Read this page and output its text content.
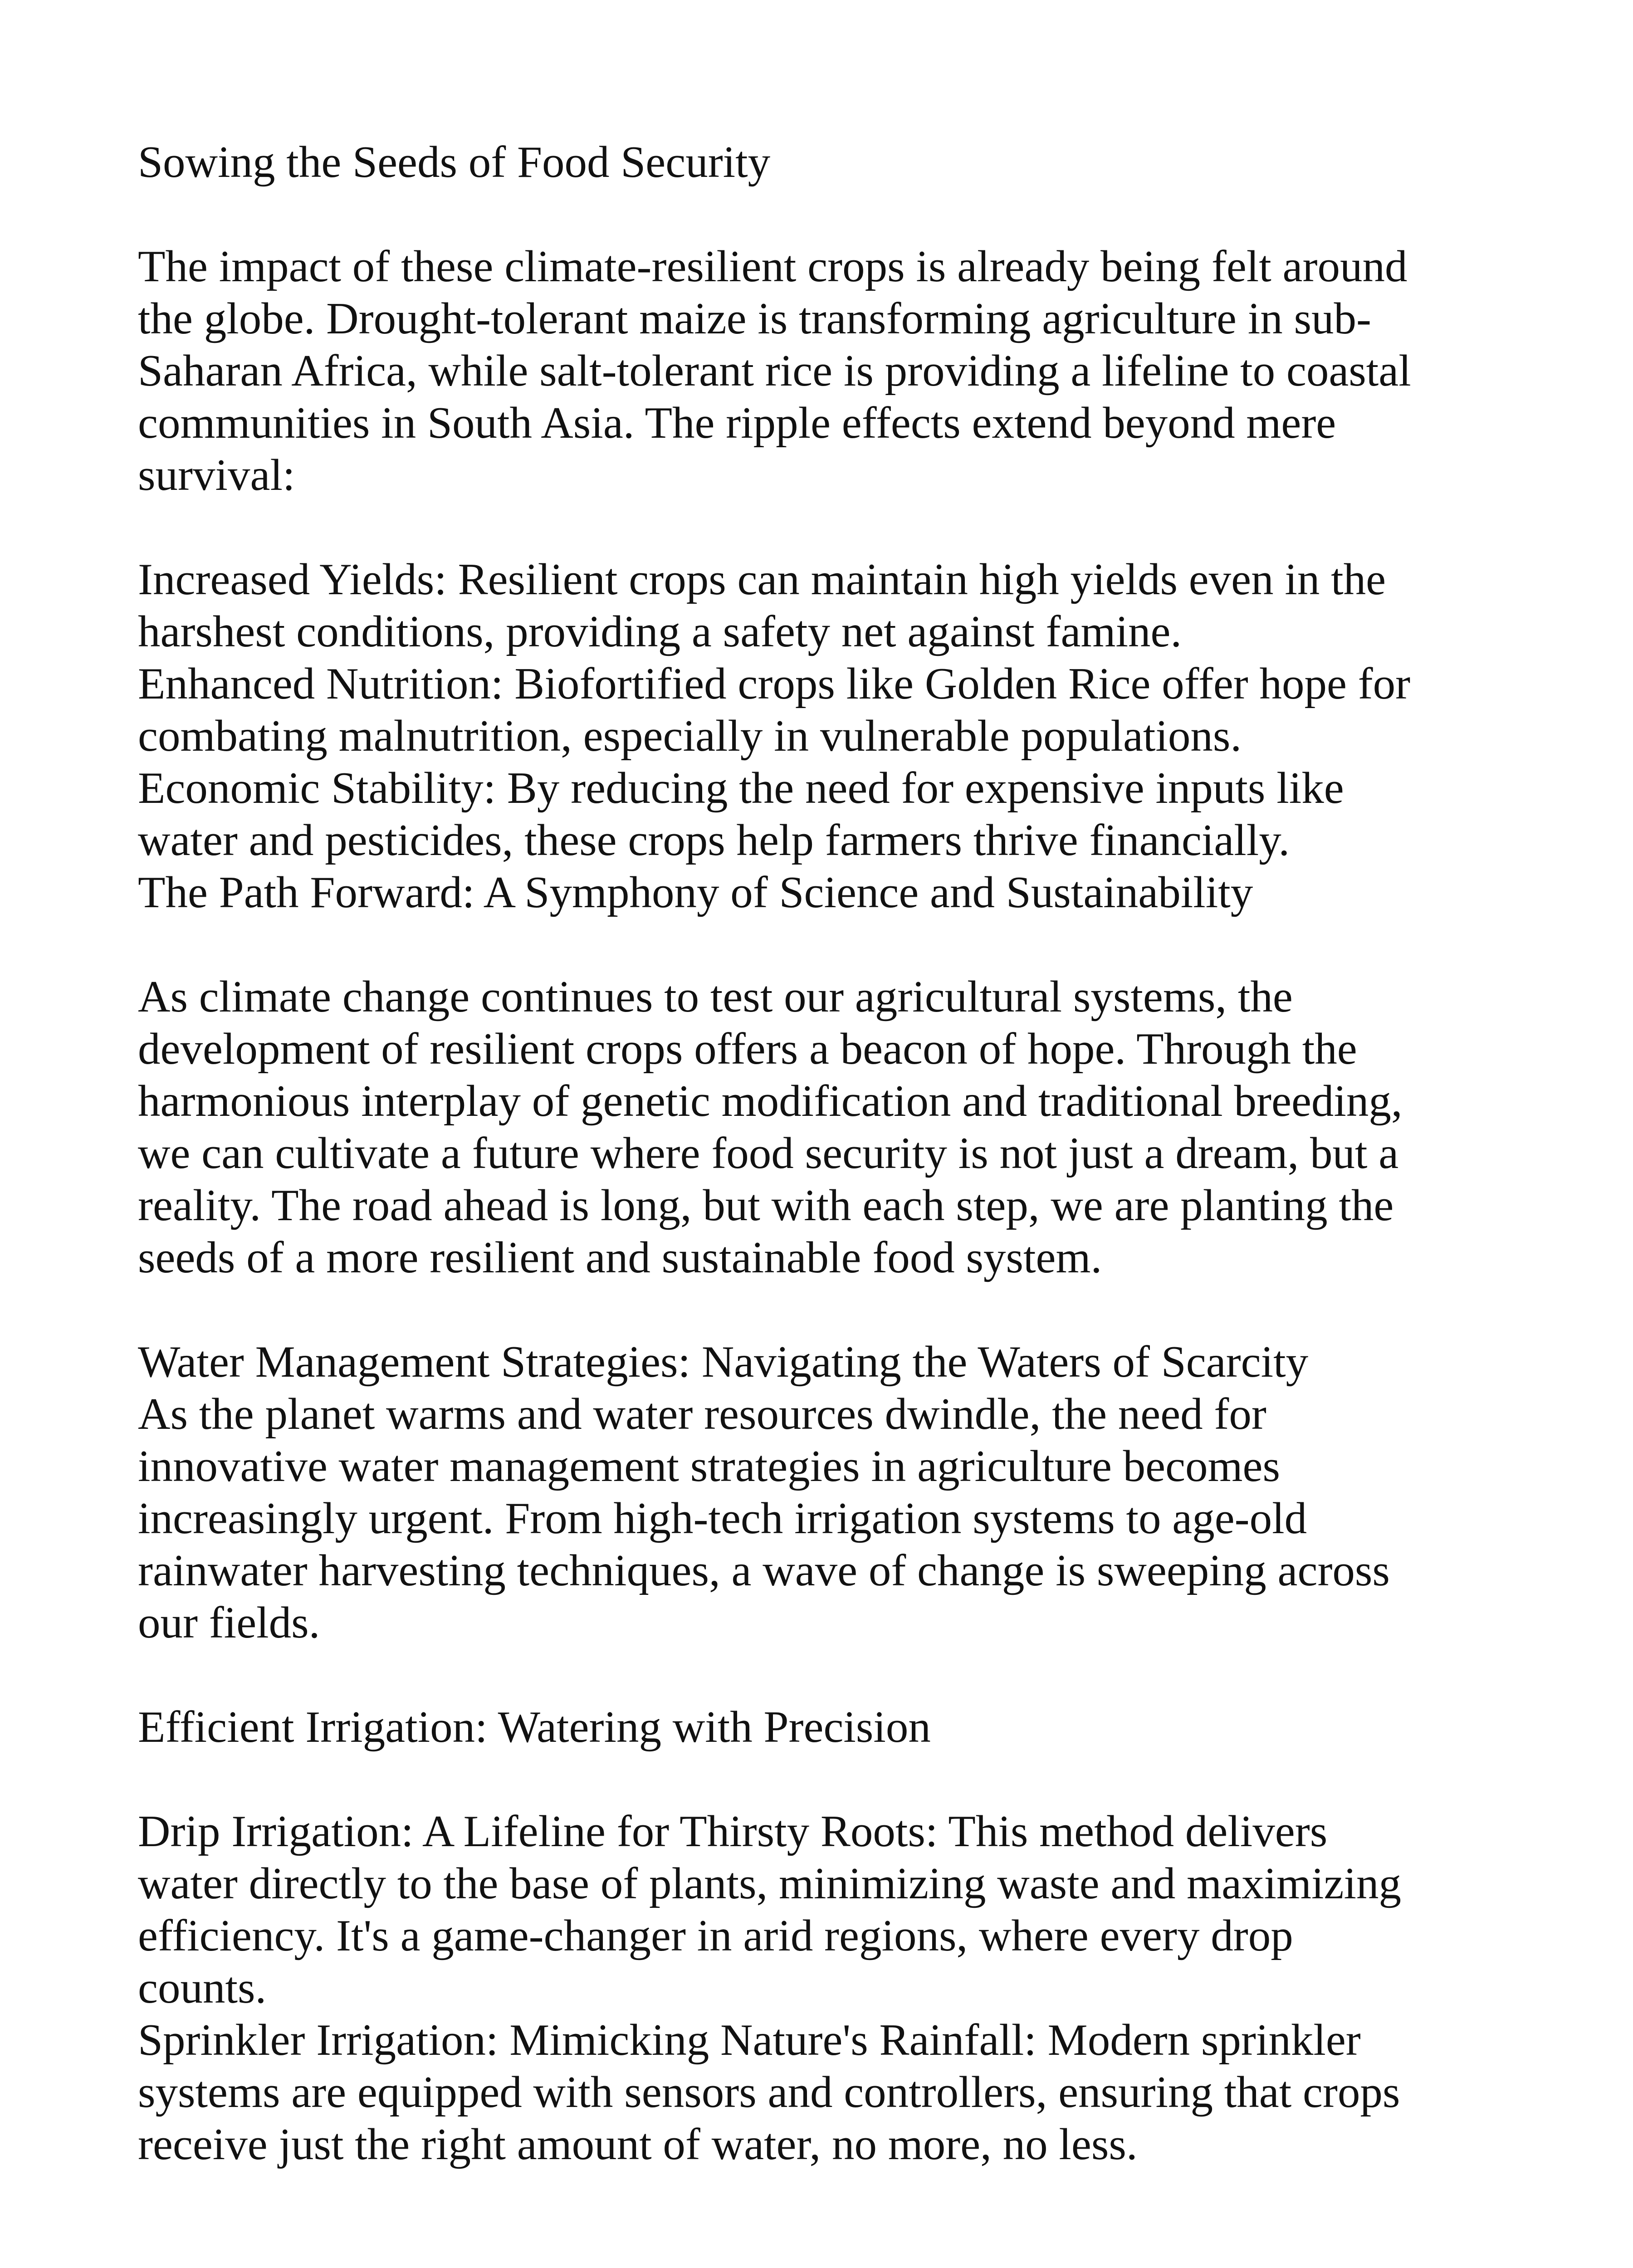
Sowing the Seeds of Food Security

The impact of these climate-resilient crops is already being felt around
the globe. Drought-tolerant maize is transforming agriculture in sub-
Saharan Africa, while salt-tolerant rice is providing a lifeline to coastal
communities in South Asia. The ripple effects extend beyond mere
survival:

Increased Yields: Resilient crops can maintain high yields even in the
harshest conditions, providing a safety net against famine.

Enhanced Nutrition: Biofortified crops like Golden Rice offer hope for
combating malnutrition, especially in vulnerable populations.

Economic Stability: By reducing the need for expensive inputs like
water and pesticides, these crops help farmers thrive financially.

The Path Forward: A Symphony of Science and Sustainability

As climate change continues to test our agricultural systems, the
development of resilient crops offers a beacon of hope. Through the
harmonious interplay of genetic modification and traditional breeding,
we can cultivate a future where food security is not just a dream, but a
reality. The road ahead is long, but with each step, we are planting the
seeds of a more resilient and sustainable food system.

Water Management Strategies: Navigating the Waters of Scarcity

As the planet warms and water resources dwindle, the need for
innovative water management strategies in agriculture becomes
increasingly urgent. From high-tech irrigation systems to age-old
rainwater harvesting techniques, a wave of change is sweeping across
our fields.

Efficient Irrigation: Watering with Precision

Drip Irrigation: A Lifeline for Thirsty Roots: This method delivers
water directly to the base of plants, minimizing waste and maximizing
efficiency. It's a game-changer in arid regions, where every drop
counts.

Sprinkler Irrigation: Mimicking Nature's Rainfall: Modern sprinkler
systems are equipped with sensors and controllers, ensuring that crops
receive just the right amount of water, no more, no less.
